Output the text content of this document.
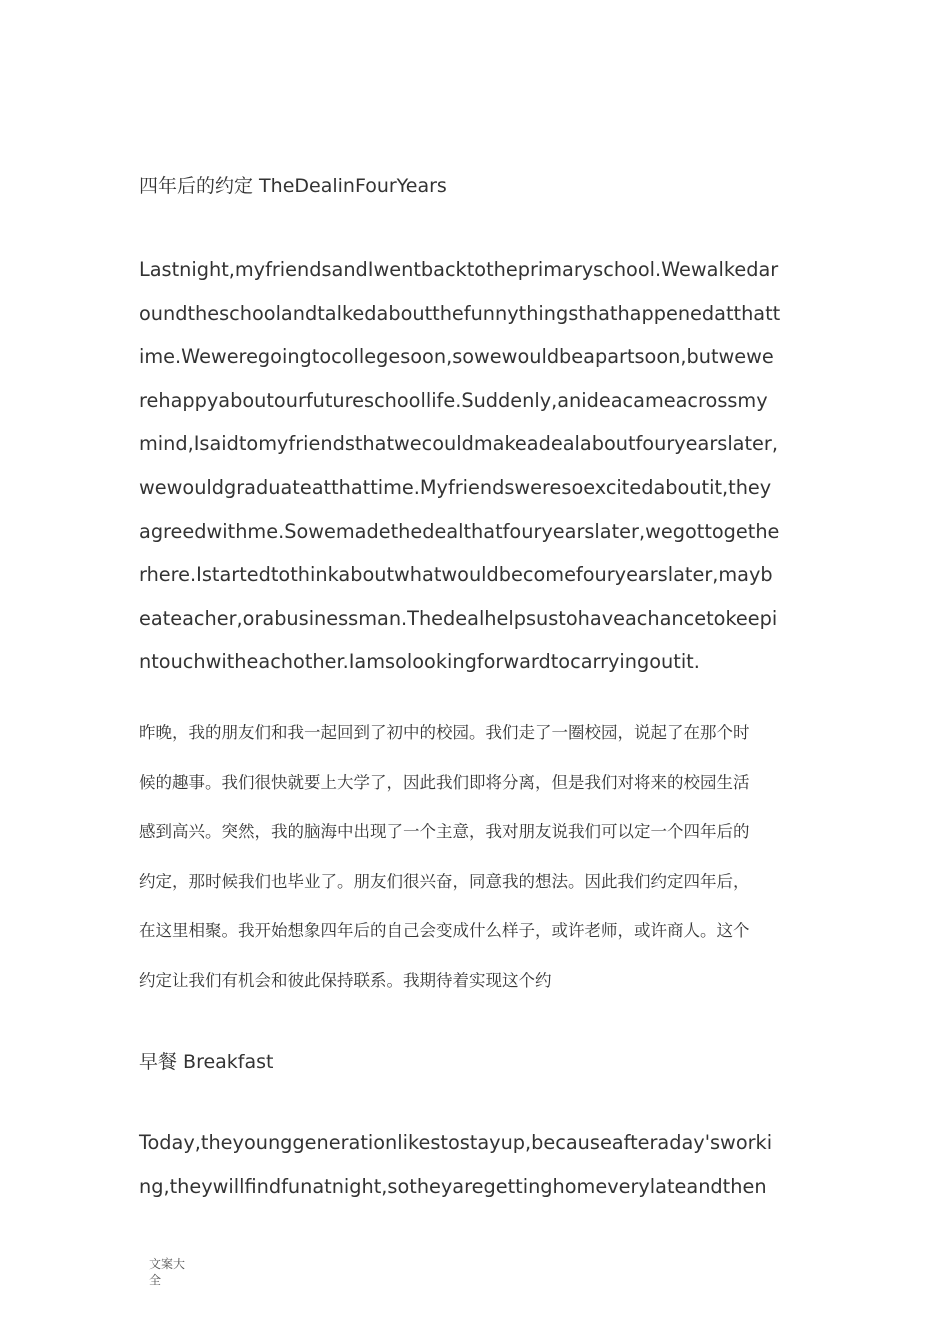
四年后的约定 TheDealinFourYears
Lastnight,myfriendsandIwentbacktotheprimaryschool.Wewalkedar
oundtheschoolandtalkedaboutthefunnythingsthathappenedatthatt
ime.Weweregoingtocollegesoon,sowewouldbeapartsoon,butwewe
rehappyaboutourfutureschoollife.Suddenly,anideacameacrossmy
mind,Isaidtomyfriendsthatwecouldmakeadealaboutfouryearslater,
wewouldgraduateatthattime.Myfriendsweresoexcitedaboutit,they
agreedwithme.Sowemadethedealthatfouryearslater,wegottogethe
rhere.Istartedtothinkaboutwhatwouldbecomefouryearslater,mayb
eateacher,orabusinessman.Thedealhelpsustohaveachancetokeepi
ntouchwitheachother.Iamsolookingforwardtocarryingoutit.
昨晚，我的朋友们和我一起回到了初中的校园。我们走了一圈校园，说起了在那个时
候的趣事。我们很快就要上大学了，因此我们即将分离，但是我们对将来的校园生活
感到高兴。突然，我的脑海中出现了一个主意，我对朋友说我们可以定一个四年后的
约定，那时候我们也毕业了。朋友们很兴奋，同意我的想法。因此我们约定四年后，
在这里相聚。我开始想象四年后的自己会变成什么样子，或许老师，或许商人。这个
约定让我们有机会和彼此保持联系。我期待着实现这个约
早餐 Breakfast
Today,theyounggenerationlikestostayup,becauseafteraday'sworki
ng,theywillfindfunatnight,sotheyaregettinghomeverylateandthen
文案大
全
